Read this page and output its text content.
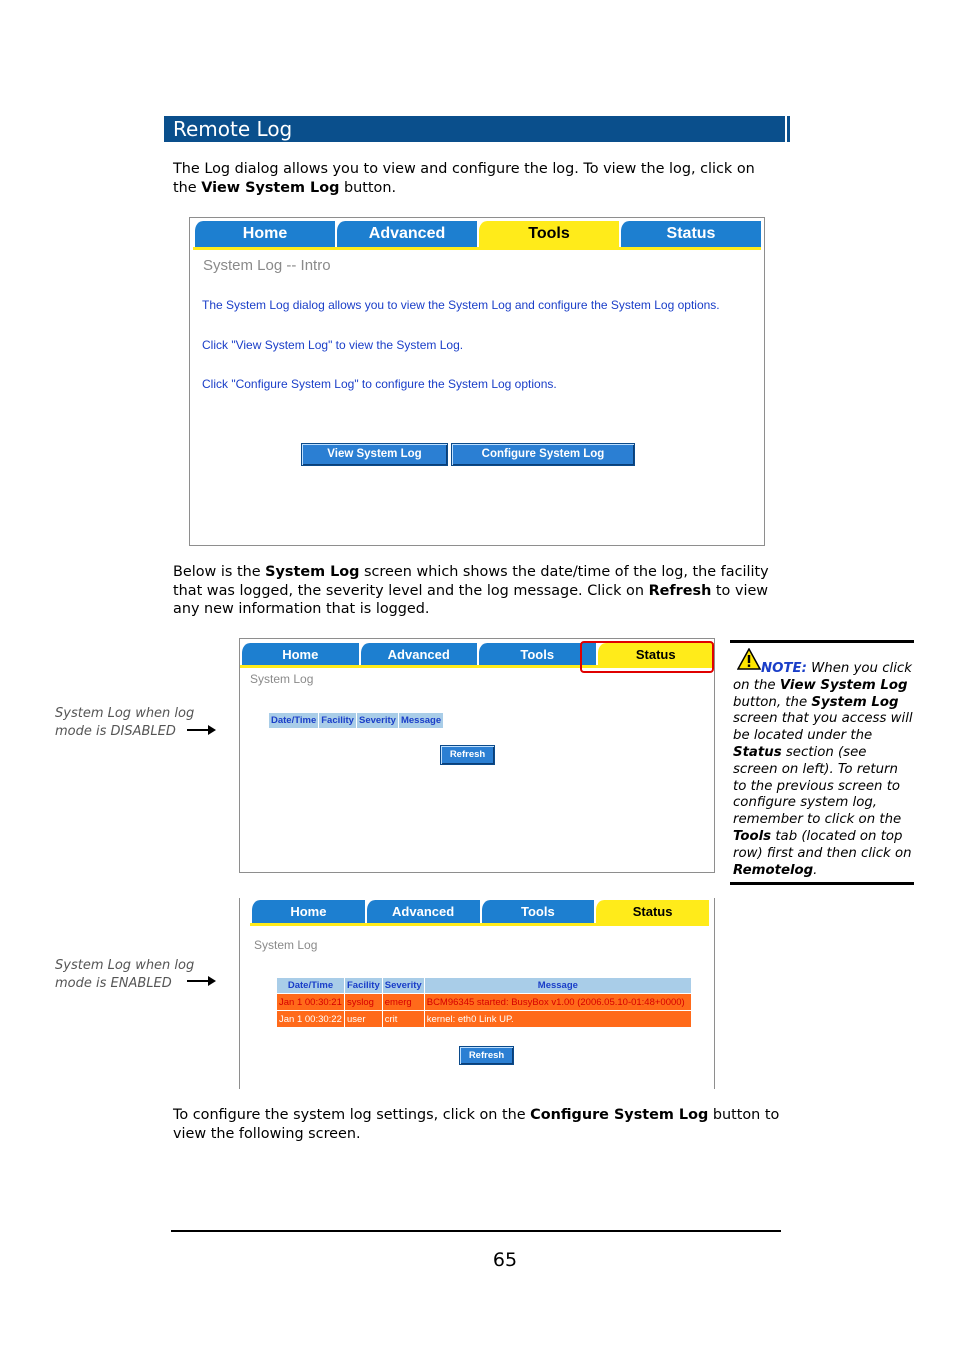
Remote Log
The Log dialog allows you to view and configure the log. To view the log, click on
the View System Log button.
Home	Advanced	Tools	Status
System Log -- Intro
The System Log dialog allows you to view the System Log and configure the System Log options.
Click "View System Log" to view the System Log.
Click "Configure System Log" to configure the System Log options.
View System Log	Configure System Log
Below is the System Log screen which shows the date/time of the log, the facility
that was logged, the severity level and the log message. Click on Refresh to view
any new information that is logged.
System Log when log
mode is DISABLED
Home	Advanced	Tools	Status
System Log
Date/Time	Facility	Severity	Message
Refresh
NOTE: When you click on the View System Log button, the System Log screen that you access will be located under the Status section (see screen on left). To return to the previous screen to configure system log, remember to click on the Tools tab (located on top row) first and then click on Remotelog.
System Log when log
mode is ENABLED
Home	Advanced	Tools	Status
System Log
Date/Time	Facility	Severity	Message
Jan 1 00:30:21	syslog	emerg	BCM96345 started: BusyBox v1.00 (2006.05.10-01:48+0000)
Jan 1 00:30:22	user	crit	kernel: eth0 Link UP.
Refresh
To configure the system log settings, click on the Configure System Log button to
view the following screen.
65
